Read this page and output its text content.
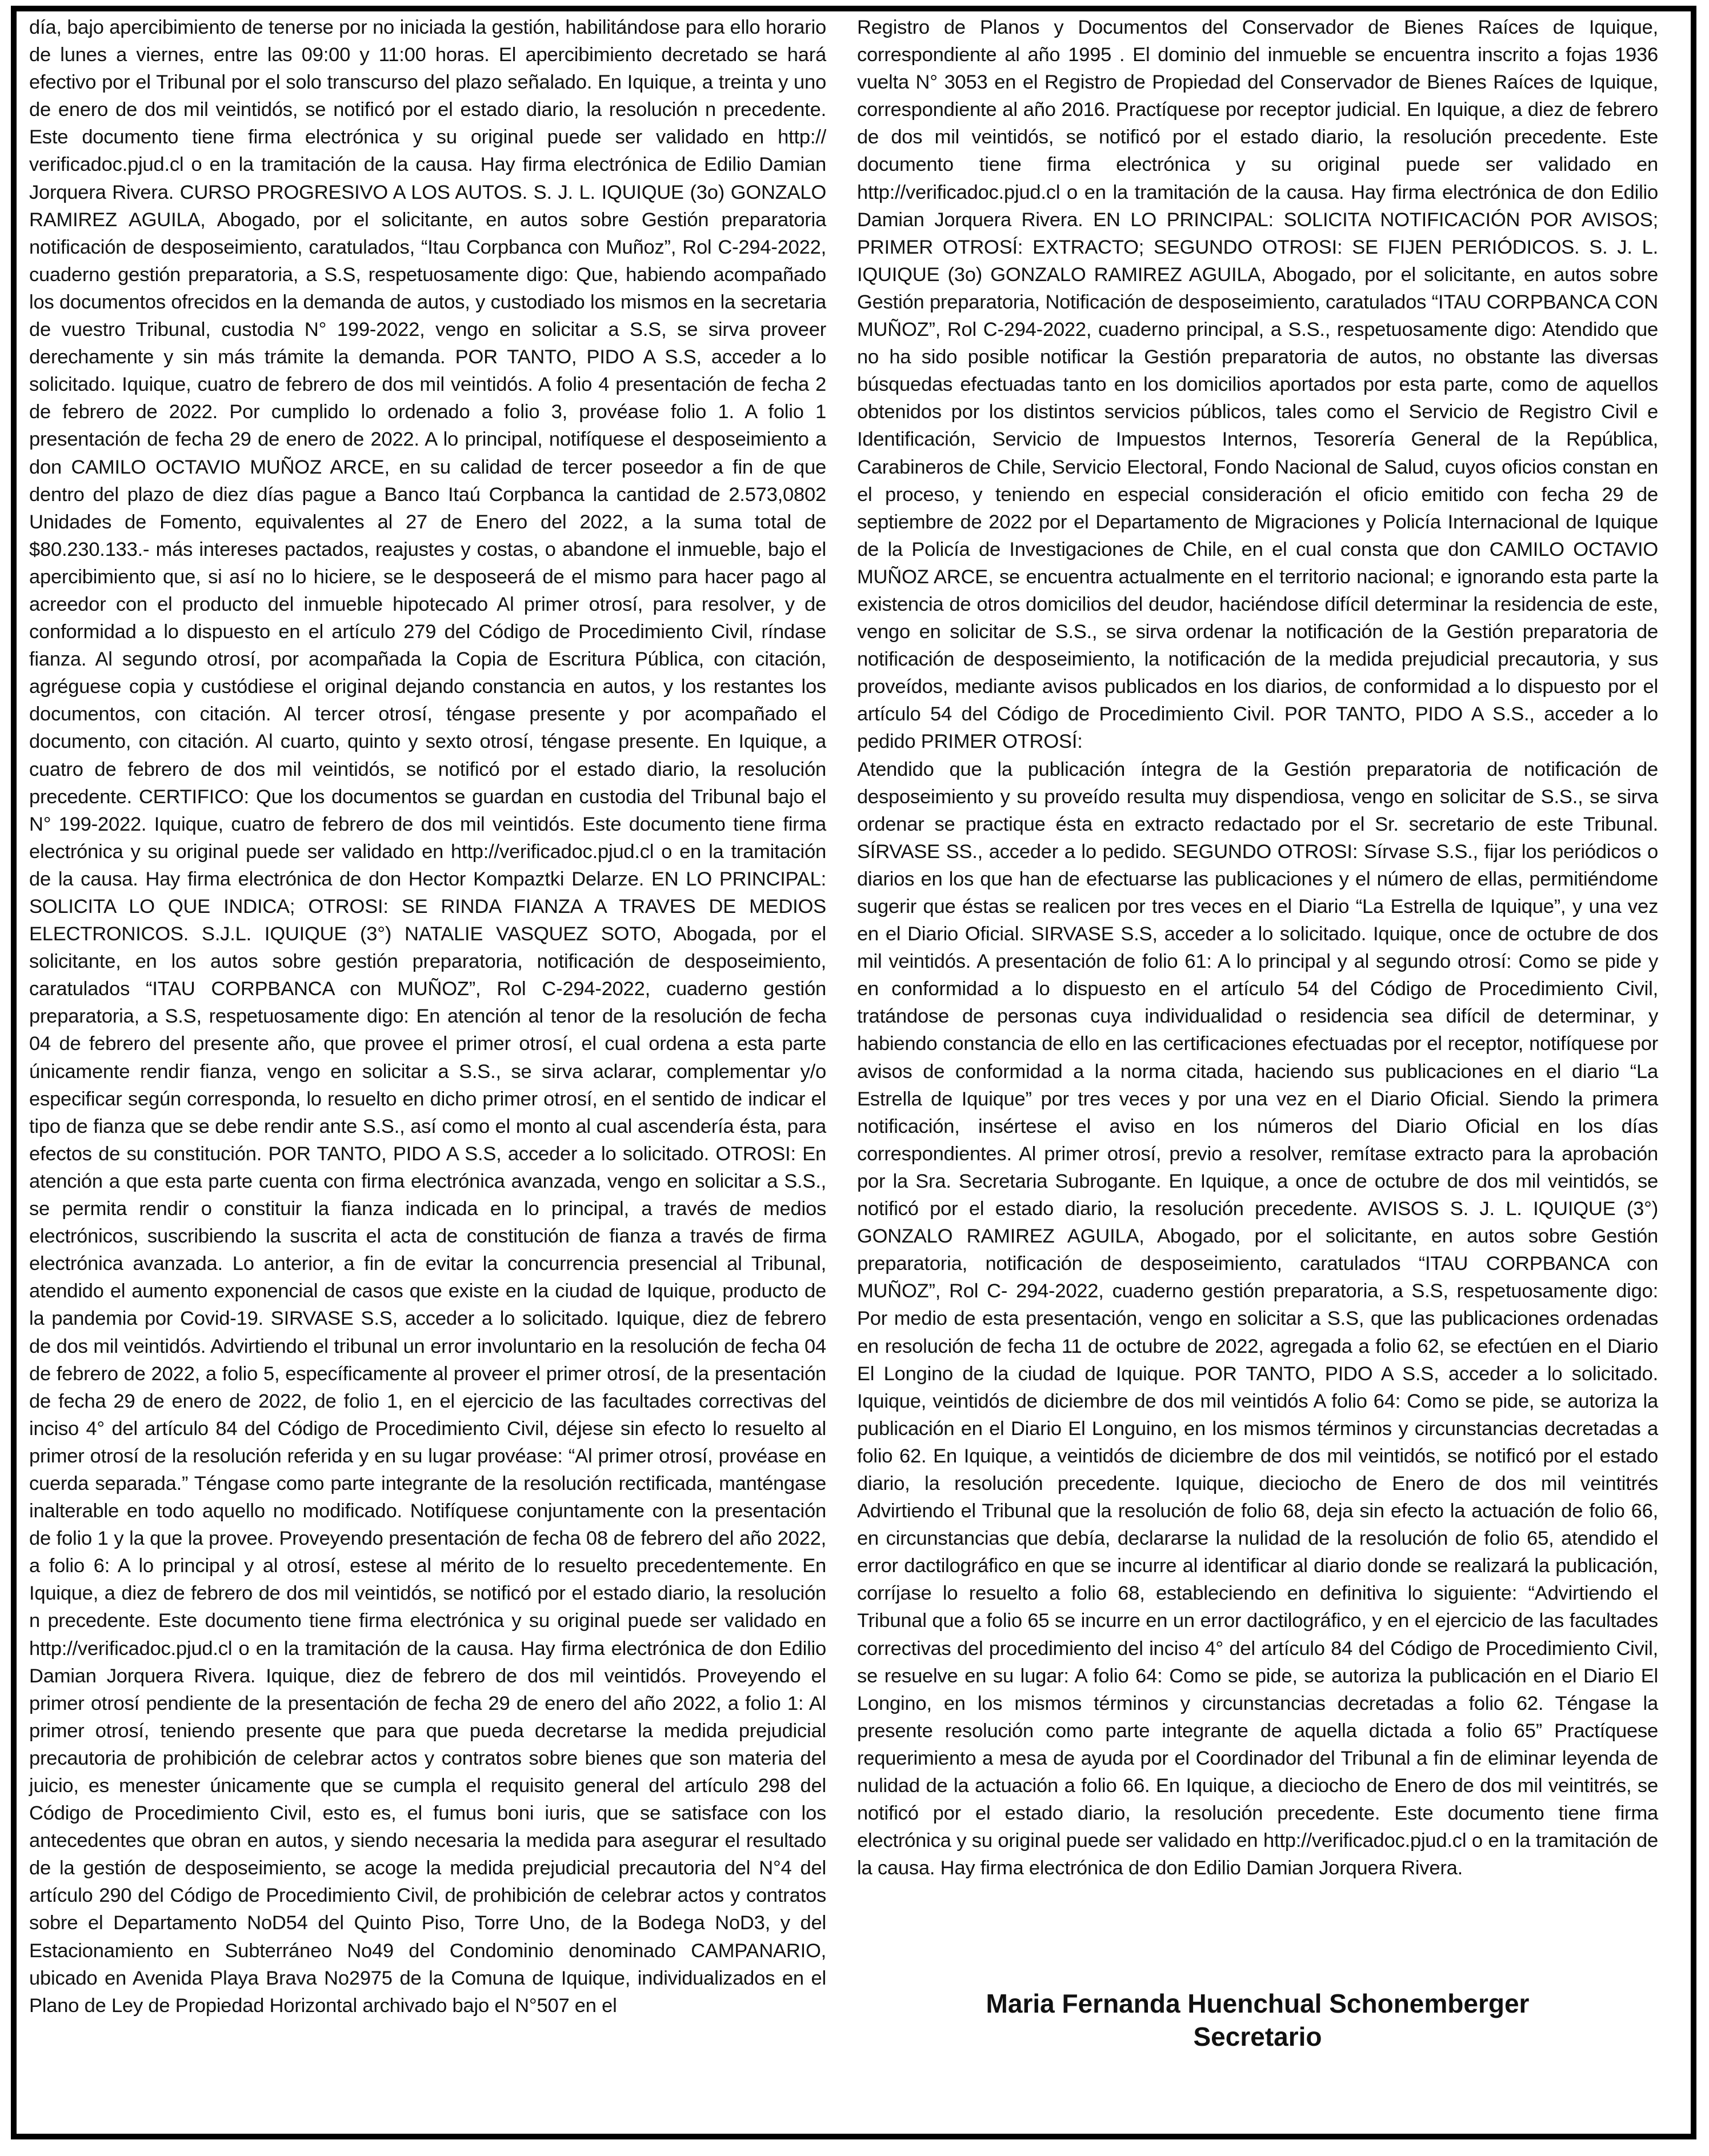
día, bajo apercibimiento de tenerse por no iniciada la gestión, habilitándose para ello horario de lunes a viernes, entre las 09:00 y 11:00 horas. El apercibimiento decretado se hará efectivo por el Tribunal por el solo transcurso del plazo señalado. En Iquique, a treinta y uno de enero de dos mil veintidós, se notificó por el estado diario, la resolución n precedente. Este documento tiene firma electrónica y su original puede ser validado en http:// verificadoc.pjud.cl o en la tramitación de la causa. Hay firma electrónica de Edilio Damian Jorquera Rivera. CURSO PROGRESIVO A LOS AUTOS. S. J. L. IQUIQUE (3o) GONZALO RAMIREZ AGUILA, Abogado, por el solicitante, en autos sobre Gestión preparatoria notificación de desposeimiento, caratulados, “Itau Corpbanca con Muñoz”, Rol C-294-2022, cuaderno gestión preparatoria, a S.S, respetuosamente digo: Que, habiendo acompañado los documentos ofrecidos en la demanda de autos, y custodiado los mismos en la secretaria de vuestro Tribunal, custodia N° 199-2022, vengo en solicitar a S.S, se sirva proveer derechamente y sin más trámite la demanda. POR TANTO, PIDO A S.S, acceder a lo solicitado. Iquique, cuatro de febrero de dos mil veintidós. A folio 4 presentación de fecha 2 de febrero de 2022. Por cumplido lo ordenado a folio 3, provéase folio 1. A folio 1 presentación de fecha 29 de enero de 2022. A lo principal, notifíquese el desposeimiento a don CAMILO OCTAVIO MUÑOZ ARCE, en su calidad de tercer poseedor a fin de que dentro del plazo de diez días pague a Banco Itaú Corpbanca la cantidad de 2.573,0802 Unidades de Fomento, equivalentes al 27 de Enero del 2022, a la suma total de $80.230.133.- más intereses pactados, reajustes y costas, o abandone el inmueble, bajo el apercibimiento que, si así no lo hiciere, se le desposeerá de el mismo para hacer pago al acreedor con el producto del inmueble hipotecado Al primer otrosí, para resolver, y de conformidad a lo dispuesto en el artículo 279 del Código de Procedimiento Civil, ríndase fianza. Al segundo otrosí, por acompañada la Copia de Escritura Pública, con citación, agréguese copia y custódiese el original dejando constancia en autos, y los restantes los documentos, con citación. Al tercer otrosí, téngase presente y por acompañado el documento, con citación. Al cuarto, quinto y sexto otrosí, téngase presente. En Iquique, a cuatro de febrero de dos mil veintidós, se notificó por el estado diario, la resolución precedente. CERTIFICO: Que los documentos se guardan en custodia del Tribunal bajo el N° 199-2022. Iquique, cuatro de febrero de dos mil veintidós. Este documento tiene firma electrónica y su original puede ser validado en http://verificadoc.pjud.cl o en la tramitación de la causa. Hay firma electrónica de don Hector Kompaztki Delarze. EN LO PRINCIPAL: SOLICITA LO QUE INDICA; OTROSI: SE RINDA FIANZA A TRAVES DE MEDIOS ELECTRONICOS. S.J.L. IQUIQUE (3°) NATALIE VASQUEZ SOTO, Abogada, por el solicitante, en los autos sobre gestión preparatoria, notificación de desposeimiento, caratulados “ITAU CORPBANCA con MUÑOZ”, Rol C-294-2022, cuaderno gestión preparatoria, a S.S, respetuosamente digo: En atención al tenor de la resolución de fecha 04 de febrero del presente año, que provee el primer otrosí, el cual ordena a esta parte únicamente rendir fianza, vengo en solicitar a S.S., se sirva aclarar, complementar y/o especificar según corresponda, lo resuelto en dicho primer otrosí, en el sentido de indicar el tipo de fianza que se debe rendir ante S.S., así como el monto al cual ascendería ésta, para efectos de su constitución. POR TANTO, PIDO A S.S, acceder a lo solicitado. OTROSI: En atención a que esta parte cuenta con firma electrónica avanzada, vengo en solicitar a S.S., se permita rendir o constituir la fianza indicada en lo principal, a través de medios electrónicos, suscribiendo la suscrita el acta de constitución de fianza a través de firma electrónica avanzada. Lo anterior, a fin de evitar la concurrencia presencial al Tribunal, atendido el aumento exponencial de casos que existe en la ciudad de Iquique, producto de la pandemia por Covid-19. SIRVASE S.S, acceder a lo solicitado. Iquique, diez de febrero de dos mil veintidós. Advirtiendo el tribunal un error involuntario en la resolución de fecha 04 de febrero de 2022, a folio 5, específicamente al proveer el primer otrosí, de la presentación de fecha 29 de enero de 2022, de folio 1, en el ejercicio de las facultades correctivas del inciso 4° del artículo 84 del Código de Procedimiento Civil, déjese sin efecto lo resuelto al primer otrosí de la resolución referida y en su lugar provéase: “Al primer otrosí, provéase en cuerda separada.” Téngase como parte integrante de la resolución rectificada, manténgase inalterable en todo aquello no modificado. Notifíquese conjuntamente con la presentación de folio 1 y la que la provee. Proveyendo presentación de fecha 08 de febrero del año 2022, a folio 6: A lo principal y al otrosí, estese al mérito de lo resuelto precedentemente. En Iquique, a diez de febrero de dos mil veintidós, se notificó por el estado diario, la resolución n precedente. Este documento tiene firma electrónica y su original puede ser validado en http://verificadoc.pjud.cl o en la tramitación de la causa. Hay firma electrónica de don Edilio Damian Jorquera Rivera. Iquique, diez de febrero de dos mil veintidós. Proveyendo el primer otrosí pendiente de la presentación de fecha 29 de enero del año 2022, a folio 1: Al primer otrosí, teniendo presente que para que pueda decretarse la medida prejudicial precautoria de prohibición de celebrar actos y contratos sobre bienes que son materia del juicio, es menester únicamente que se cumpla el requisito general del artículo 298 del Código de Procedimiento Civil, esto es, el fumus boni iuris, que se satisface con los antecedentes que obran en autos, y siendo necesaria la medida para asegurar el resultado de la gestión de desposeimiento, se acoge la medida prejudicial precautoria del N°4 del artículo 290 del Código de Procedimiento Civil, de prohibición de celebrar actos y contratos sobre el Departamento NoD54 del Quinto Piso, Torre Uno, de la Bodega NoD3, y del Estacionamiento en Subterráneo No49 del Condominio denominado CAMPANARIO, ubicado en Avenida Playa Brava No2975 de la Comuna de Iquique, individualizados en el Plano de Ley de Propiedad Horizontal archivado bajo el N°507 en el

Registro de Planos y Documentos del Conservador de Bienes Raíces de Iquique, correspondiente al año 1995 . El dominio del inmueble se encuentra inscrito a fojas 1936 vuelta N° 3053 en el Registro de Propiedad del Conservador de Bienes Raíces de Iquique, correspondiente al año 2016. Practíquese por receptor judicial. En Iquique, a diez de febrero de dos mil veintidós, se notificó por el estado diario, la resolución precedente. Este documento tiene firma electrónica y su original puede ser validado en http://verificadoc.pjud.cl o en la tramitación de la causa. Hay firma electrónica de don Edilio Damian Jorquera Rivera. EN LO PRINCIPAL: SOLICITA NOTIFICACIÓN POR AVISOS; PRIMER OTROSÍ: EXTRACTO; SEGUNDO OTROSI: SE FIJEN PERIÓDICOS. S. J. L. IQUIQUE (3o) GONZALO RAMIREZ AGUILA, Abogado, por el solicitante, en autos sobre Gestión preparatoria, Notificación de desposeimiento, caratulados “ITAU CORPBANCA CON MUÑOZ”, Rol C-294-2022, cuaderno principal, a S.S., respetuosamente digo: Atendido que no ha sido posible notificar la Gestión preparatoria de autos, no obstante las diversas búsquedas efectuadas tanto en los domicilios aportados por esta parte, como de aquellos obtenidos por los distintos servicios públicos, tales como el Servicio de Registro Civil e Identificación, Servicio de Impuestos Internos, Tesorería General de la República, Carabineros de Chile, Servicio Electoral, Fondo Nacional de Salud, cuyos oficios constan en el proceso, y teniendo en especial consideración el oficio emitido con fecha 29 de septiembre de 2022 por el Departamento de Migraciones y Policía Internacional de Iquique de la Policía de Investigaciones de Chile, en el cual consta que don CAMILO OCTAVIO MUÑOZ ARCE, se encuentra actualmente en el territorio nacional; e ignorando esta parte la existencia de otros domicilios del deudor, haciéndose difícil determinar la residencia de este, vengo en solicitar de S.S., se sirva ordenar la notificación de la Gestión preparatoria de notificación de desposeimiento, la notificación de la medida prejudicial precautoria, y sus proveídos, mediante avisos publicados en los diarios, de conformidad a lo dispuesto por el artículo 54 del Código de Procedimiento Civil. POR TANTO, PIDO A S.S., acceder a lo pedido PRIMER OTROSÍ:

Atendido que la publicación íntegra de la Gestión preparatoria de notificación de desposeimiento y su proveído resulta muy dispendiosa, vengo en solicitar de S.S., se sirva ordenar se practique ésta en extracto redactado por el Sr. secretario de este Tribunal. SÍRVASE SS., acceder a lo pedido. SEGUNDO OTROSI: Sírvase S.S., fijar los periódicos o diarios en los que han de efectuarse las publicaciones y el número de ellas, permitiéndome sugerir que éstas se realicen por tres veces en el Diario “La Estrella de Iquique”, y una vez en el Diario Oficial. SIRVASE S.S, acceder a lo solicitado. Iquique, once de octubre de dos mil veintidós. A presentación de folio 61: A lo principal y al segundo otrosí: Como se pide y en conformidad a lo dispuesto en el artículo 54 del Código de Procedimiento Civil, tratándose de personas cuya individualidad o residencia sea difícil de determinar, y habiendo constancia de ello en las certificaciones efectuadas por el receptor, notifíquese por avisos de conformidad a la norma citada, haciendo sus publicaciones en el diario “La Estrella de Iquique” por tres veces y por una vez en el Diario Oficial. Siendo la primera notificación, insértese el aviso en los números del Diario Oficial en los días correspondientes. Al primer otrosí, previo a resolver, remítase extracto para la aprobación por la Sra. Secretaria Subrogante. En Iquique, a once de octubre de dos mil veintidós, se notificó por el estado diario, la resolución precedente. AVISOS S. J. L. IQUIQUE (3°) GONZALO RAMIREZ AGUILA, Abogado, por el solicitante, en autos sobre Gestión preparatoria, notificación de desposeimiento, caratulados “ITAU CORPBANCA con MUÑOZ”, Rol C- 294-2022, cuaderno gestión preparatoria, a S.S, respetuosamente digo: Por medio de esta presentación, vengo en solicitar a S.S, que las publicaciones ordenadas en resolución de fecha 11 de octubre de 2022, agregada a folio 62, se efectúen en el Diario El Longino de la ciudad de Iquique. POR TANTO, PIDO A S.S, acceder a lo solicitado. Iquique, veintidós de diciembre de dos mil veintidós A folio 64: Como se pide, se autoriza la publicación en el Diario El Longuino, en los mismos términos y circunstancias decretadas a folio 62. En Iquique, a veintidós de diciembre de dos mil veintidós, se notificó por el estado diario, la resolución precedente. Iquique, dieciocho de Enero de dos mil veintitrés Advirtiendo el Tribunal que la resolución de folio 68, deja sin efecto la actuación de folio 66, en circunstancias que debía, declararse la nulidad de la resolución de folio 65, atendido el error dactilográfico en que se incurre al identificar al diario donde se realizará la publicación, corríjase lo resuelto a folio 68, estableciendo en definitiva lo siguiente: “Advirtiendo el Tribunal que a folio 65 se incurre en un error dactilográfico, y en el ejercicio de las facultades correctivas del procedimiento del inciso 4° del artículo 84 del Código de Procedimiento Civil, se resuelve en su lugar: A folio 64: Como se pide, se autoriza la publicación en el Diario El Longino, en los mismos términos y circunstancias decretadas a folio 62. Téngase la presente resolución como parte integrante de aquella dictada a folio 65” Practíquese requerimiento a mesa de ayuda por el Coordinador del Tribunal a fin de eliminar leyenda de nulidad de la actuación a folio 66. En Iquique, a dieciocho de Enero de dos mil veintitrés, se notificó por el estado diario, la resolución precedente. Este documento tiene firma electrónica y su original puede ser validado en http://verificadoc.pjud.cl o en la tramitación de la causa. Hay firma electrónica de don Edilio Damian Jorquera Rivera.

Maria Fernanda Huenchual Schonemberger
Secretario
